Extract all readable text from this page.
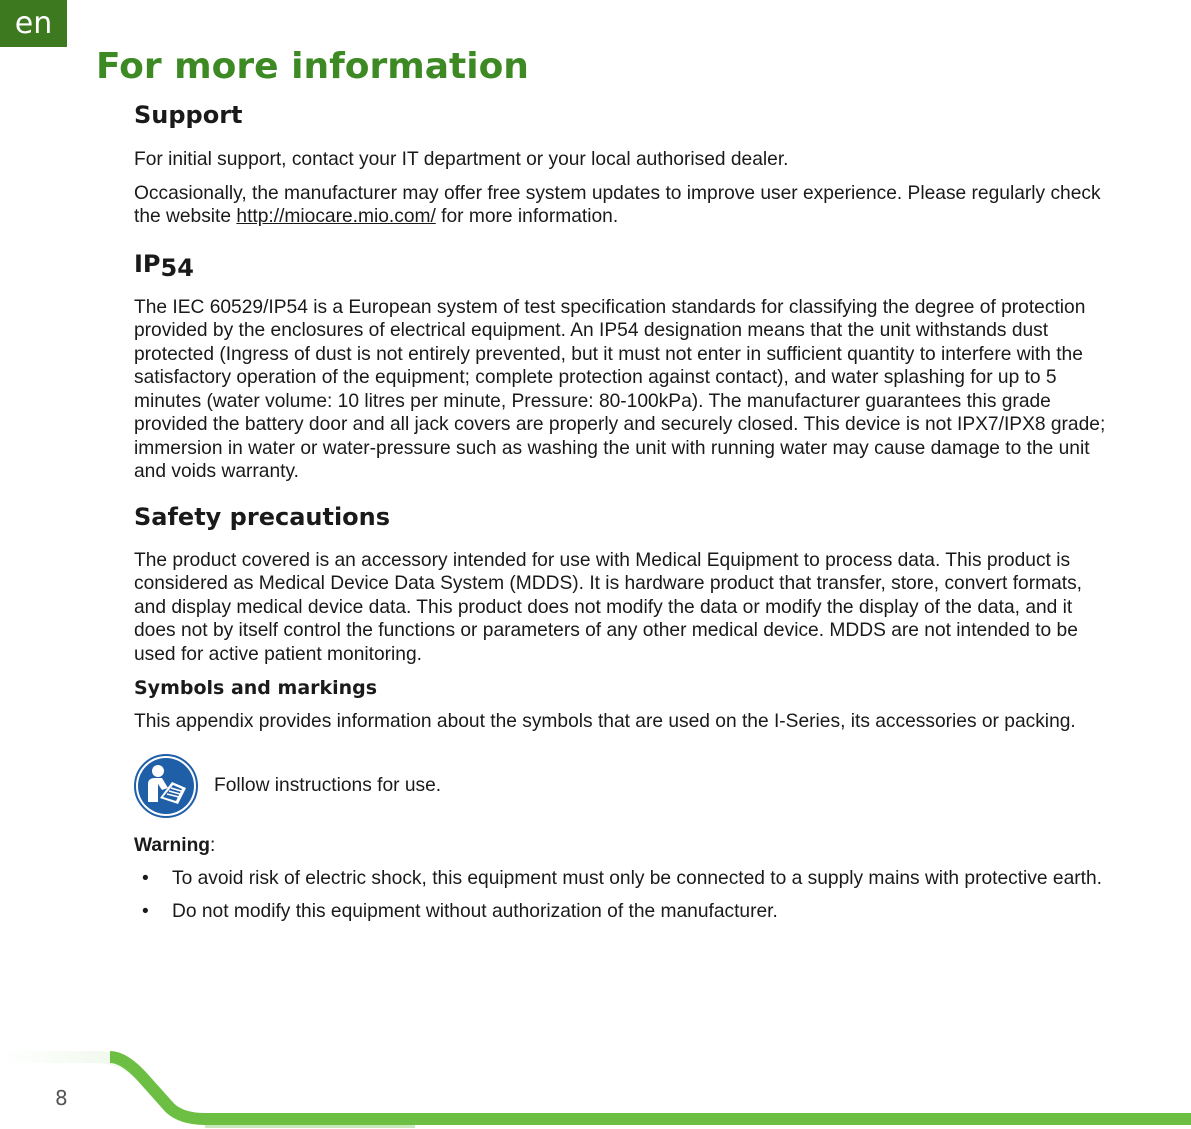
en
For more information
Support

For initial support, contact your IT department or your local authorised dealer.

Occasionally, the manufacturer may offer free system updates to improve user experience. Please regularly check the website http://miocare.mio.com/ for more information.

IP54

The IEC 60529/IP54 is a European system of test specification standards for classifying the degree of protection provided by the enclosures of electrical equipment. An IP54 designation means that the unit withstands dust protected (Ingress of dust is not entirely prevented, but it must not enter in sufficient quantity to interfere with the satisfactory operation of the equipment; complete protection against contact), and water splashing for up to 5 minutes (water volume: 10 litres per minute, Pressure: 80-100kPa). The manufacturer guarantees this grade provided the battery door and all jack covers are properly and securely closed. This device is not IPX7/IPX8 grade; immersion in water or water-pressure such as washing the unit with running water may cause damage to the unit and voids warranty.

Safety precautions

The product covered is an accessory intended for use with Medical Equipment to process data. This product is considered as Medical Device Data System (MDDS). It is hardware product that transfer, store, convert formats, and display medical device data. This product does not modify the data or modify the display of the data, and it does not by itself control the functions or parameters of any other medical device. MDDS are not intended to be used for active patient monitoring.

Symbols and markings

This appendix provides information about the symbols that are used on the I-Series, its accessories or packing.

Follow instructions for use.

Warning:

• To avoid risk of electric shock, this equipment must only be connected to a supply mains with protective earth.
• Do not modify this equipment without authorization of the manufacturer.
8
